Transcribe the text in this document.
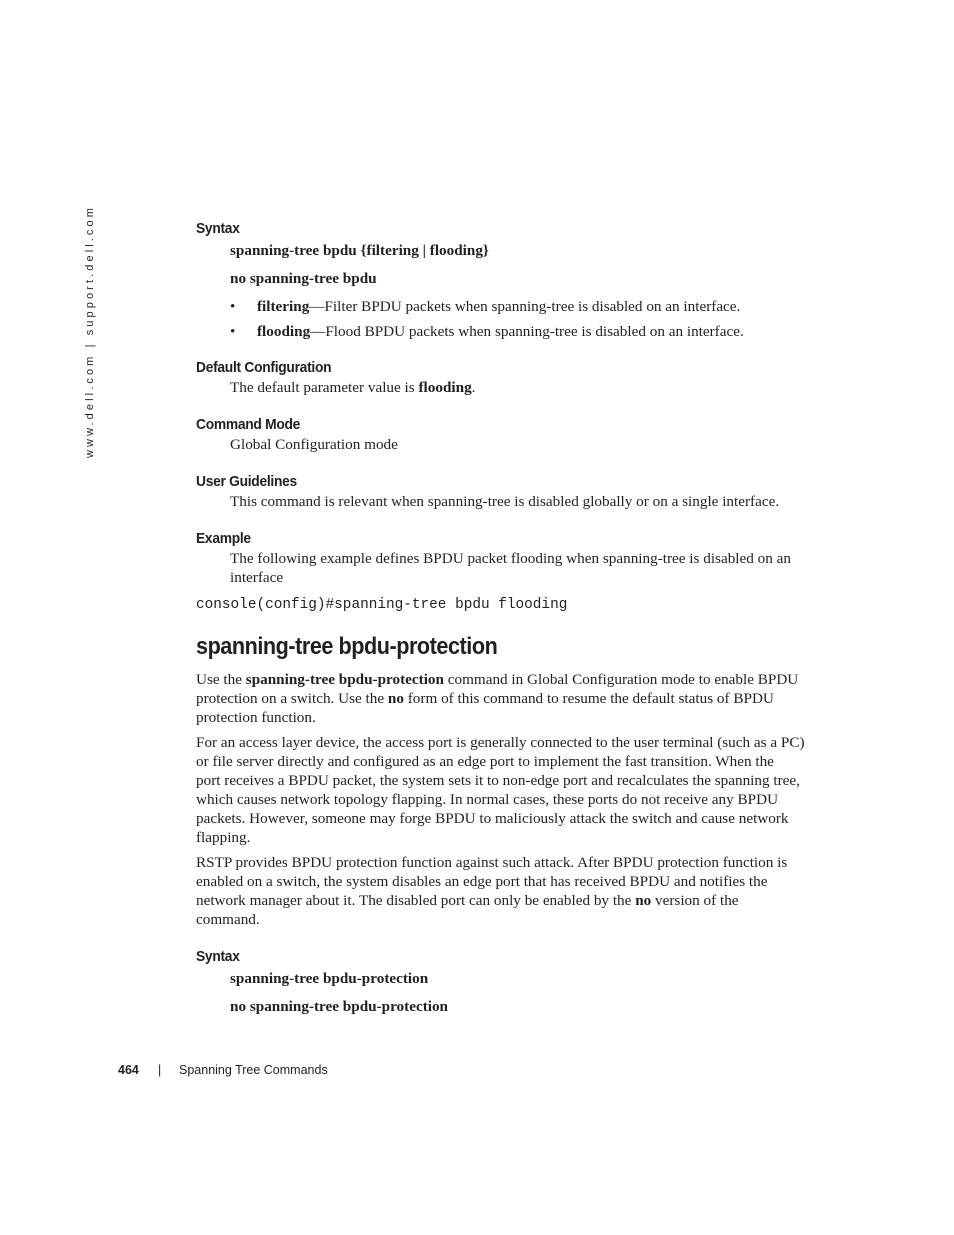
www.dell.com | support.dell.com	Syntax

spanning-tree bpdu {filtering | flooding}

no spanning-tree bpdu

• filtering—Filter BPDU packets when spanning-tree is disabled on an interface.

• flooding—Flood BPDU packets when spanning-tree is disabled on an interface.

Default Configuration

The default parameter value is flooding.

Command Mode

Global Configuration mode

User Guidelines

This command is relevant when spanning-tree is disabled globally or on a single interface.

Example

The following example defines BPDU packet flooding when spanning-tree is disabled on an
interface

console(config)#spanning-tree bpdu flooding
spanning-tree bpdu-protection

Use the spanning-tree bpdu-protection command in Global Configuration mode to enable BPDU
protection on a switch. Use the no form of this command to resume the default status of BPDU
protection function.

For an access layer device, the access port is generally connected to the user terminal (such as a PC)
or file server directly and configured as an edge port to implement the fast transition. When the
port receives a BPDU packet, the system sets it to non-edge port and recalculates the spanning tree,
which causes network topology flapping. In normal cases, these ports do not receive any BPDU
packets. However, someone may forge BPDU to maliciously attack the switch and cause network
flapping.

RSTP provides BPDU protection function against such attack. After BPDU protection function is
enabled on a switch, the system disables an edge port that has received BPDU and notifies the
network manager about it. The disabled port can only be enabled by the no version of the
command.

Syntax

spanning-tree bpdu-protection

no spanning-tree bpdu-protection

464 | Spanning Tree Commands
